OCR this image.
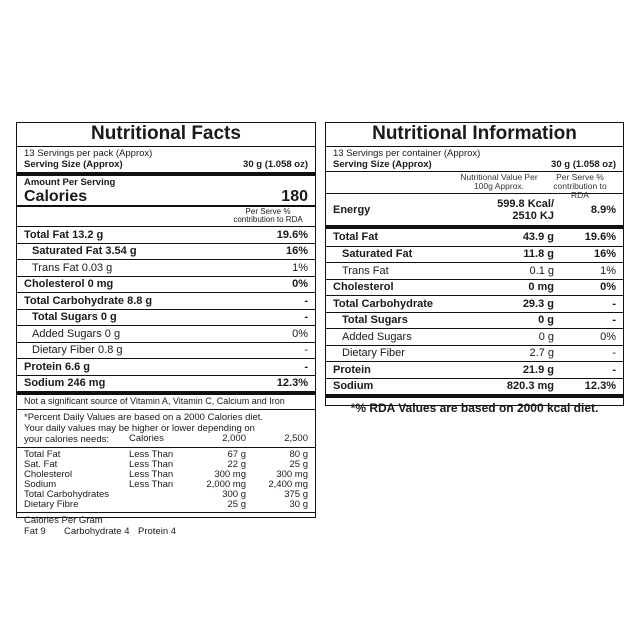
Nutritional Facts
13 Servings per pack (Approx)
Serving Size (Approx)	30 g (1.058 oz)
Amount Per Serving
Calories	180
Per Serve % contribution to RDA
Total Fat 13.2 g	19.6%
Saturated Fat 3.54 g	16%
Trans Fat 0.03 g	1%
Cholesterol 0 mg	0%
Total Carbohydrate 8.8 g	-
Total Sugars 0 g	-
Added Sugars 0 g	0%
Dietary Fiber 0.8 g	-
Protein 6.6 g	-
Sodium 246 mg	12.3%
Not a significant source of Vitamin A, Vitamin C, Calcium and Iron
*Percent Daily Values are based on a 2000 Calories diet.
Your daily values may be higher or lower depending on
your calories needs:
		Calories	2,000	2,500
Total Fat	Less Than	67 g	80 g
Sat. Fat	Less Than	22 g	25 g
Cholesterol	Less Than	300 mg	300 mg
Sodium	Less Than	2,000 mg	2,400 mg
Total Carbohydrates		300 g	375 g
Dietary Fibre		25 g	30 g
Calories Per Gram
Fat 9	Carbohydrate 4 Protein 4
Nutritional Information
13 Servings per container (Approx)
Serving Size (Approx)	30 g (1.058 oz)
Nutritional Value Per 100g Approx.
Per Serve % contribution to RDA
Energy	599.8 Kcal/
2510 KJ	8.9%
Total Fat	43.9 g	19.6%
Saturated Fat	11.8 g	16%
Trans Fat	0.1 g	1%
Cholesterol	0 mg	0%
Total Carbohydrate	29.3 g	-
Total Sugars	0 g	-
Added Sugars	0 g	0%
Dietary Fiber	2.7 g	-
Protein	21.9 g	-
Sodium	820.3 mg	12.3%
*% RDA Values are based on 2000 kcal diet.
